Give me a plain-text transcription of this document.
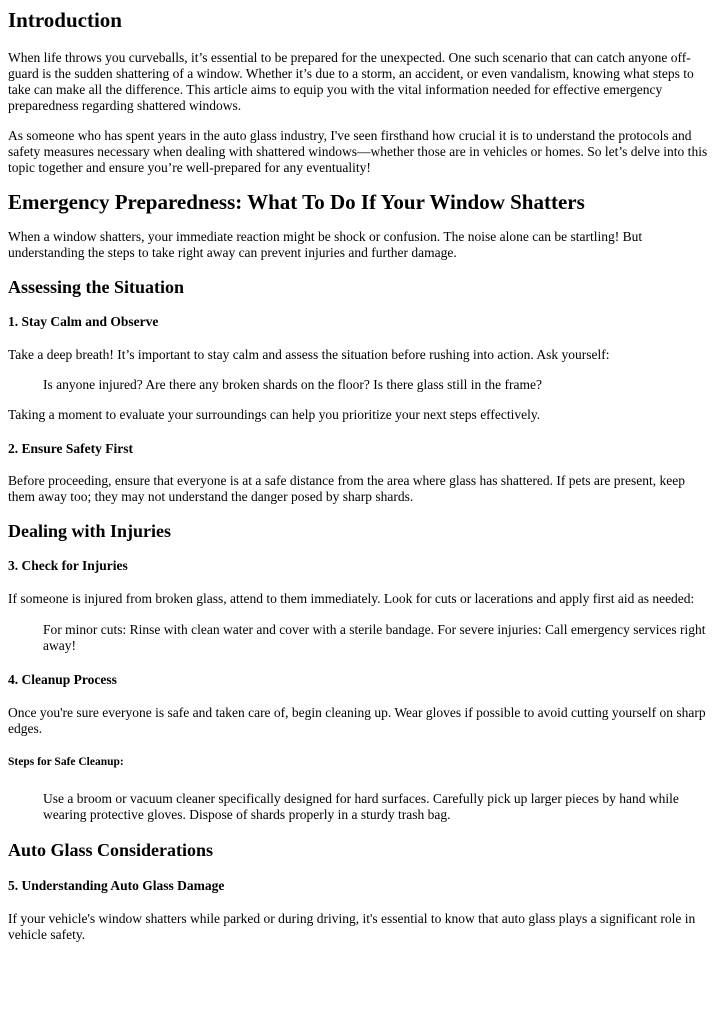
Introduction

When life throws you curveballs, it’s essential to be prepared for the unexpected. One such scenario that can catch anyone off-guard is the sudden shattering of a window. Whether it’s due to a storm, an accident, or even vandalism, knowing what steps to take can make all the difference. This article aims to equip you with the vital information needed for effective emergency preparedness regarding shattered windows.

As someone who has spent years in the auto glass industry, I've seen firsthand how crucial it is to understand the protocols and safety measures necessary when dealing with shattered windows—whether those are in vehicles or homes. So let’s delve into this topic together and ensure you’re well-prepared for any eventuality!

Emergency Preparedness: What To Do If Your Window Shatters

When a window shatters, your immediate reaction might be shock or confusion. The noise alone can be startling! But understanding the steps to take right away can prevent injuries and further damage.

Assessing the Situation
1. Stay Calm and Observe

Take a deep breath! It’s important to stay calm and assess the situation before rushing into action. Ask yourself:

Is anyone injured? Are there any broken shards on the floor? Is there glass still in the frame?

Taking a moment to evaluate your surroundings can help you prioritize your next steps effectively.

2. Ensure Safety First

Before proceeding, ensure that everyone is at a safe distance from the area where glass has shattered. If pets are present, keep them away too; they may not understand the danger posed by sharp shards.

Dealing with Injuries
3. Check for Injuries

If someone is injured from broken glass, attend to them immediately. Look for cuts or lacerations and apply first aid as needed:

For minor cuts: Rinse with clean water and cover with a sterile bandage. For severe injuries: Call emergency services right away!
4. Cleanup Process

Once you're sure everyone is safe and taken care of, begin cleaning up. Wear gloves if possible to avoid cutting yourself on sharp edges.

Steps for Safe Cleanup:
Use a broom or vacuum cleaner specifically designed for hard surfaces. Carefully pick up larger pieces by hand while wearing protective gloves. Dispose of shards properly in a sturdy trash bag.
Auto Glass Considerations
5. Understanding Auto Glass Damage

If your vehicle's window shatters while parked or during driving, it's essential to know that auto glass plays a significant role in vehicle safety.
